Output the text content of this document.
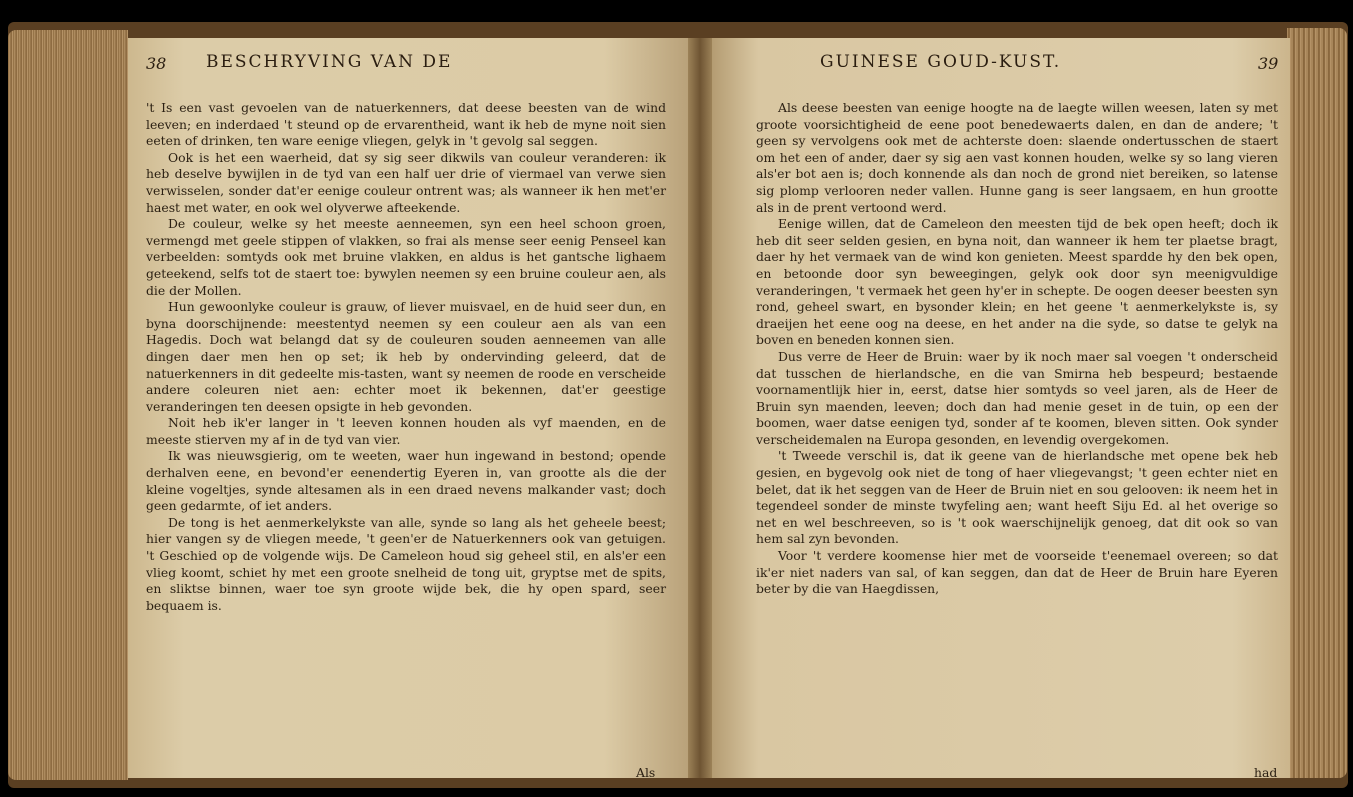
38 BESCHRYVING VAN DE

't Is een vast gevoelen van de natuerkenners, dat deese beesten van de wind leeven; en inderdaed 't steund op de ervarentheid, want ik heb de myne noit sien eeten of drinken, ten ware eenige vliegen, gelyk in 't gevolg sal seggen.

Ook is het een waerheid, dat sy sig seer dikwils van couleur veranderen: ik heb deselve bywijlen in de tyd van een half uer drie of viermael van verwe sien verwisselen, sonder dat'er eenige couleur ontrent was; als wanneer ik hen met'er haest met water, en ook wel olyverwe afteekende.

De couleur, welke sy het meeste aenneemen, syn een heel schoon groen, vermengd met geele stippen of vlakken, so frai als mense seer eenig Penseel kan verbeelden: somtyds ook met bruine vlakken, en aldus is het gantsche lighaem geteekend, selfs tot de staert toe: bywylen neemen sy een bruine couleur aen, als die der Mollen.

Hun gewoonlyke couleur is grauw, of liever muisvael, en de huid seer dun, en byna doorschijnende: meestentyd neemen sy een couleur aen als van een Hagedis. Doch wat belangd dat sy de couleuren souden aenneemen van alle dingen daer men hen op set; ik heb by ondervinding geleerd, dat de natuerkenners in dit gedeelte mis-tasten, want sy neemen de roode en verscheide andere coleuren niet aen: echter moet ik bekennen, dat'er geestige veranderingen ten deesen opsigte in heb gevonden.

Noit heb ik'er langer in 't leeven konnen houden als vyf maenden, en de meeste stierven my af in de tyd van vier.

Ik was nieuwsgierig, om te weeten, waer hun ingewand in bestond; opende derhalven eene, en bevond'er eenendertig Eyeren in, van grootte als die der kleine vogeltjes, synde altesamen als in een draed nevens malkander vast; doch geen gedarmte, of iet anders.

De tong is het aenmerkelykste van alle, synde so lang als het geheele beest; hier vangen sy de vliegen meede, 't geen'er de Natuerkenners ook van getuigen. 't Geschied op de volgende wijs. De Cameleon houd sig geheel stil, en als'er een vlieg koomt, schiet hy met een groote snelheid de tong uit, gryptse met de spits, en sliktse binnen, waer toe syn groote wijde bek, die hy open spard, seer bequaem is.

Als
GUINESE GOUD-KUST.	39

Als deese beesten van eenige hoogte na de laegte willen weesen, laten sy met groote voorsichtigheid de eene poot benedewaerts dalen, en dan de andere; 't geen sy vervolgens ook met de achterste doen: slaende ondertusschen de staert om het een of ander, daer sy sig aen vast konnen houden, welke sy so lang vieren als'er bot aen is; doch konnende als dan noch de grond niet bereiken, so latense sig plomp verlooren neder vallen. Hunne gang is seer langsaem, en hun grootte als in de prent vertoond werd.

Eenige willen, dat de Cameleon den meesten tijd de bek open heeft; doch ik heb dit seer selden gesien, en byna noit, dan wanneer ik hem ter plaetse bragt, daer hy het vermaek van de wind kon genieten. Meest spardde hy den bek open, en betoonde door syn beweegingen, gelyk ook door syn meenigvuldige veranderingen, 't vermaek het geen hy'er in schepte. De oogen deeser beesten syn rond, geheel swart, en bysonder klein; en het geene 't aenmerkelykste is, sy draeijen het eene oog na deese, en het ander na die syde, so datse te gelyk na boven en beneden konnen sien.

Dus verre de Heer de Bruin: waer by ik noch maer sal voegen 't onderscheid dat tusschen de hierlandsche, en die van Smirna heb bespeurd; bestaende voornamentlijk hier in, eerst, datse hier somtyds so veel jaren, als de Heer de Bruin syn maenden, leeven; doch dan had menie geset in de tuin, op een der boomen, waer datse eenigen tyd, sonder af te koomen, bleven sitten. Ook synder verscheidemalen na Europa gesonden, en levendig overgekomen.

't Tweede verschil is, dat ik geene van de hierlandsche met opene bek heb gesien, en bygevolg ook niet de tong of haer vliegevangst; 't geen echter niet en belet, dat ik het seggen van de Heer de Bruin niet en sou gelooven: ik neem het in tegendeel sonder de minste twyfeling aen; want heeft Siju Ed. al het overige so net en wel beschreeven, so is 't ook waerschijnelijk genoeg, dat dit ook so van hem sal zyn bevonden.

Voor 't verdere koomense hier met de voorseide t'eenemael overeen; so dat ik'er niet naders van sal, of kan seggen, dan dat de Heer de Bruin hare Eyeren beter by die van Haegdissen,

had
